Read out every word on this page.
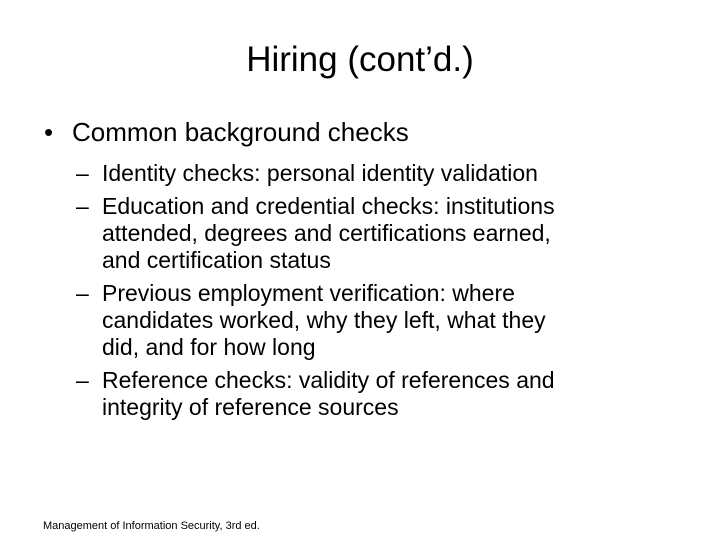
Hiring (cont’d.)
• Common background checks
– Identity checks: personal identity validation
– Education and credential checks: institutions
attended, degrees and certifications earned,
and certification status
– Previous employment verification: where
candidates worked, why they left, what they
did, and for how long
– Reference checks: validity of references and
integrity of reference sources
Management of Information Security, 3rd ed.
